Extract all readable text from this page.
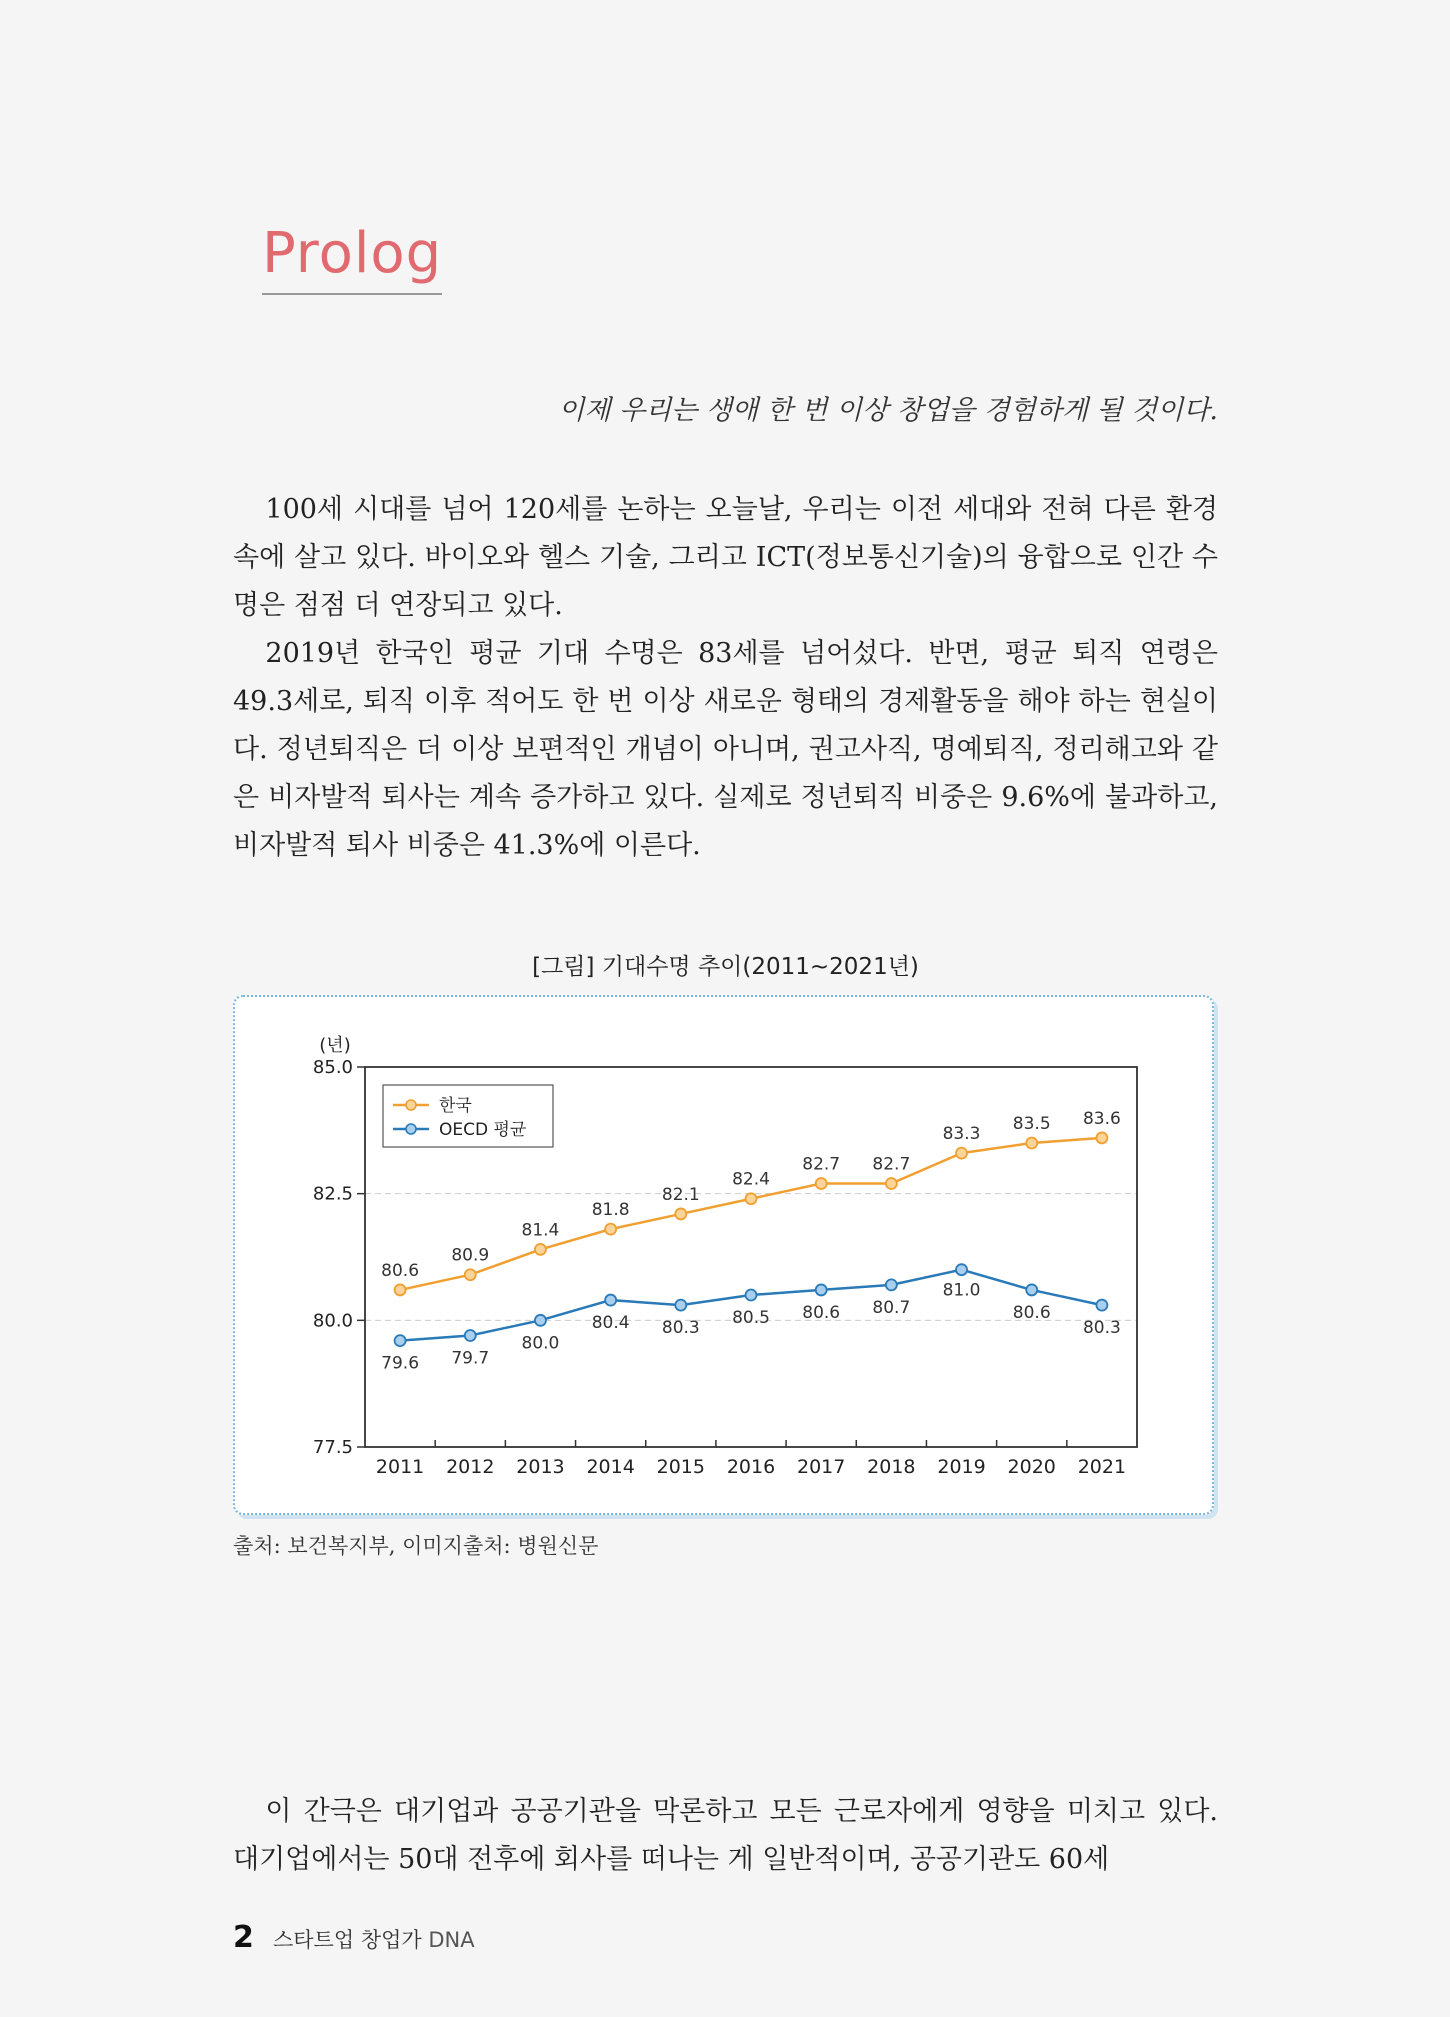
Prolog
이제 우리는 생애 한 번 이상 창업을 경험하게 될 것이다.

100세 시대를 넘어 120세를 논하는 오늘날, 우리는 이전 세대와 전혀 다른 환경 속에 살고 있다. 바이오와 헬스 기술, 그리고 ICT(정보통신기술)의 융합으로 인간 수명은 점점 더 연장되고 있다.

2019년 한국인 평균 기대 수명은 83세를 넘어섰다. 반면, 평균 퇴직 연령은 49.3세로, 퇴직 이후 적어도 한 번 이상 새로운 형태의 경제활동을 해야 하는 현실이다. 정년퇴직은 더 이상 보편적인 개념이 아니며, 권고사직, 명예퇴직, 정리해고와 같은 비자발적 퇴사는 계속 증가하고 있다. 실제로 정년퇴직 비중은 9.6%에 불과하고, 비자발적 퇴사 비중은 41.3%에 이른다.

[그림] 기대수명 추이(2011~2021년)
77.5
80.0
82.5
85.0
(년)
2011 2012 2013 2014 2015 2016 2017 2018 2019 2020 2021
80.6
80.9
81.4
81.8
82.1
82.4
82.7 82.7
83.3
83.5 83.6
79.6 79.7
80.0
80.4 80.3
80.5 80.6 80.7
81.0
80.6
80.3
한국
OECD 평균
출처: 보건복지부, 이미지출처: 병원신문

이 간극은 대기업과 공공기관을 막론하고 모든 근로자에게 영향을 미치고 있다. 대기업에서는 50대 전후에 회사를 떠나는 게 일반적이며, 공공기관도 60세

2 스타트업 창업가 DNA
